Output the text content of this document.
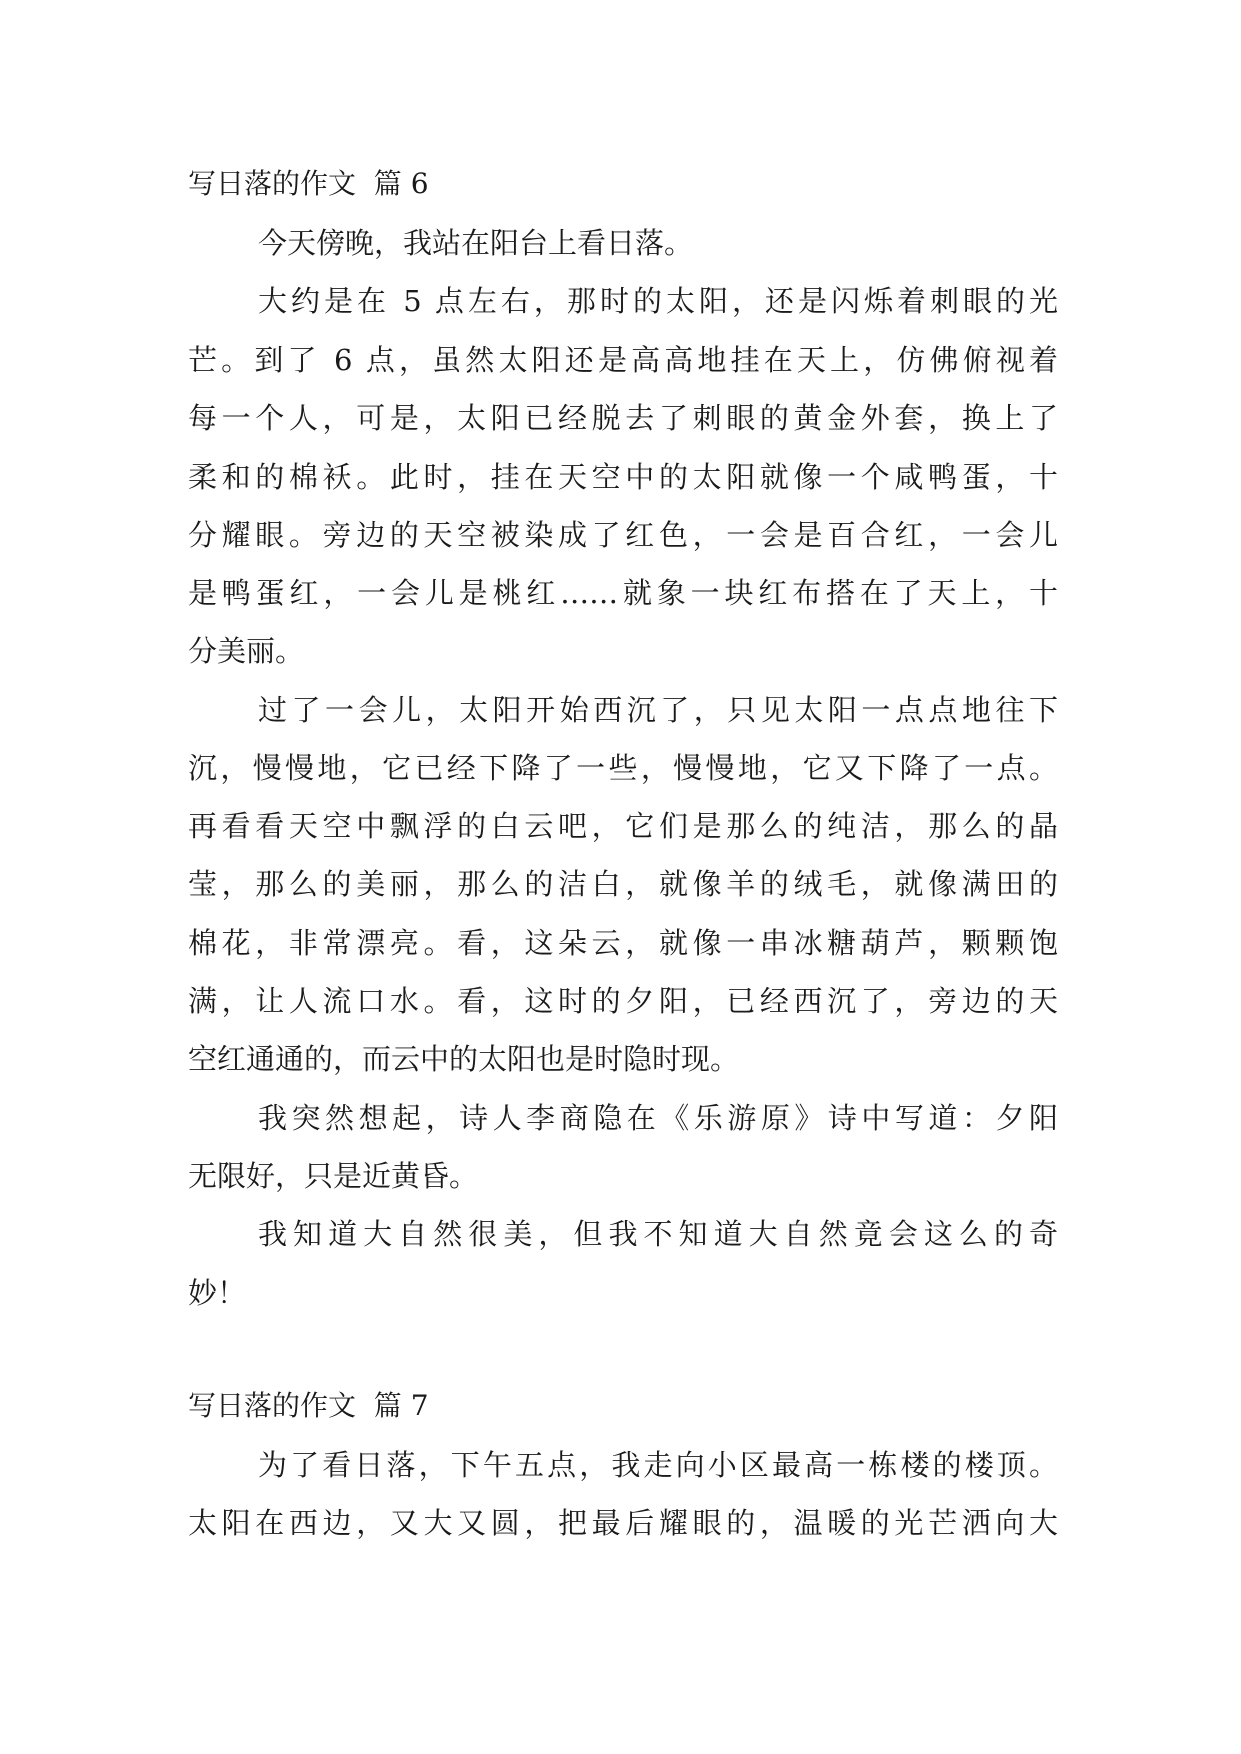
写日落的作文  篇 6
今天傍晚，我站在阳台上看日落。
大约是在 5 点左右，那时的太阳，还是闪烁着刺眼的光
芒。到了 6 点，虽然太阳还是高高地挂在天上，仿佛俯视着
每一个人，可是，太阳已经脱去了刺眼的黄金外套，换上了
柔和的棉袄。此时，挂在天空中的太阳就像一个咸鸭蛋，十
分耀眼。旁边的天空被染成了红色，一会是百合红，一会儿
是鸭蛋红，一会儿是桃红……就象一块红布搭在了天上，十
分美丽。
过了一会儿，太阳开始西沉了，只见太阳一点点地往下
沉，慢慢地，它已经下降了一些，慢慢地，它又下降了一点。
再看看天空中飘浮的白云吧，它们是那么的纯洁，那么的晶
莹，那么的美丽，那么的洁白，就像羊的绒毛，就像满田的
棉花，非常漂亮。看，这朵云，就像一串冰糖葫芦，颗颗饱
满，让人流口水。看，这时的夕阳，已经西沉了，旁边的天
空红通通的，而云中的太阳也是时隐时现。
我突然想起，诗人李商隐在《乐游原》诗中写道：夕阳
无限好，只是近黄昏。
我知道大自然很美，但我不知道大自然竟会这么的奇
妙！
写日落的作文  篇 7
为了看日落，下午五点，我走向小区最高一栋楼的楼顶。
太阳在西边，又大又圆，把最后耀眼的，温暖的光芒洒向大
